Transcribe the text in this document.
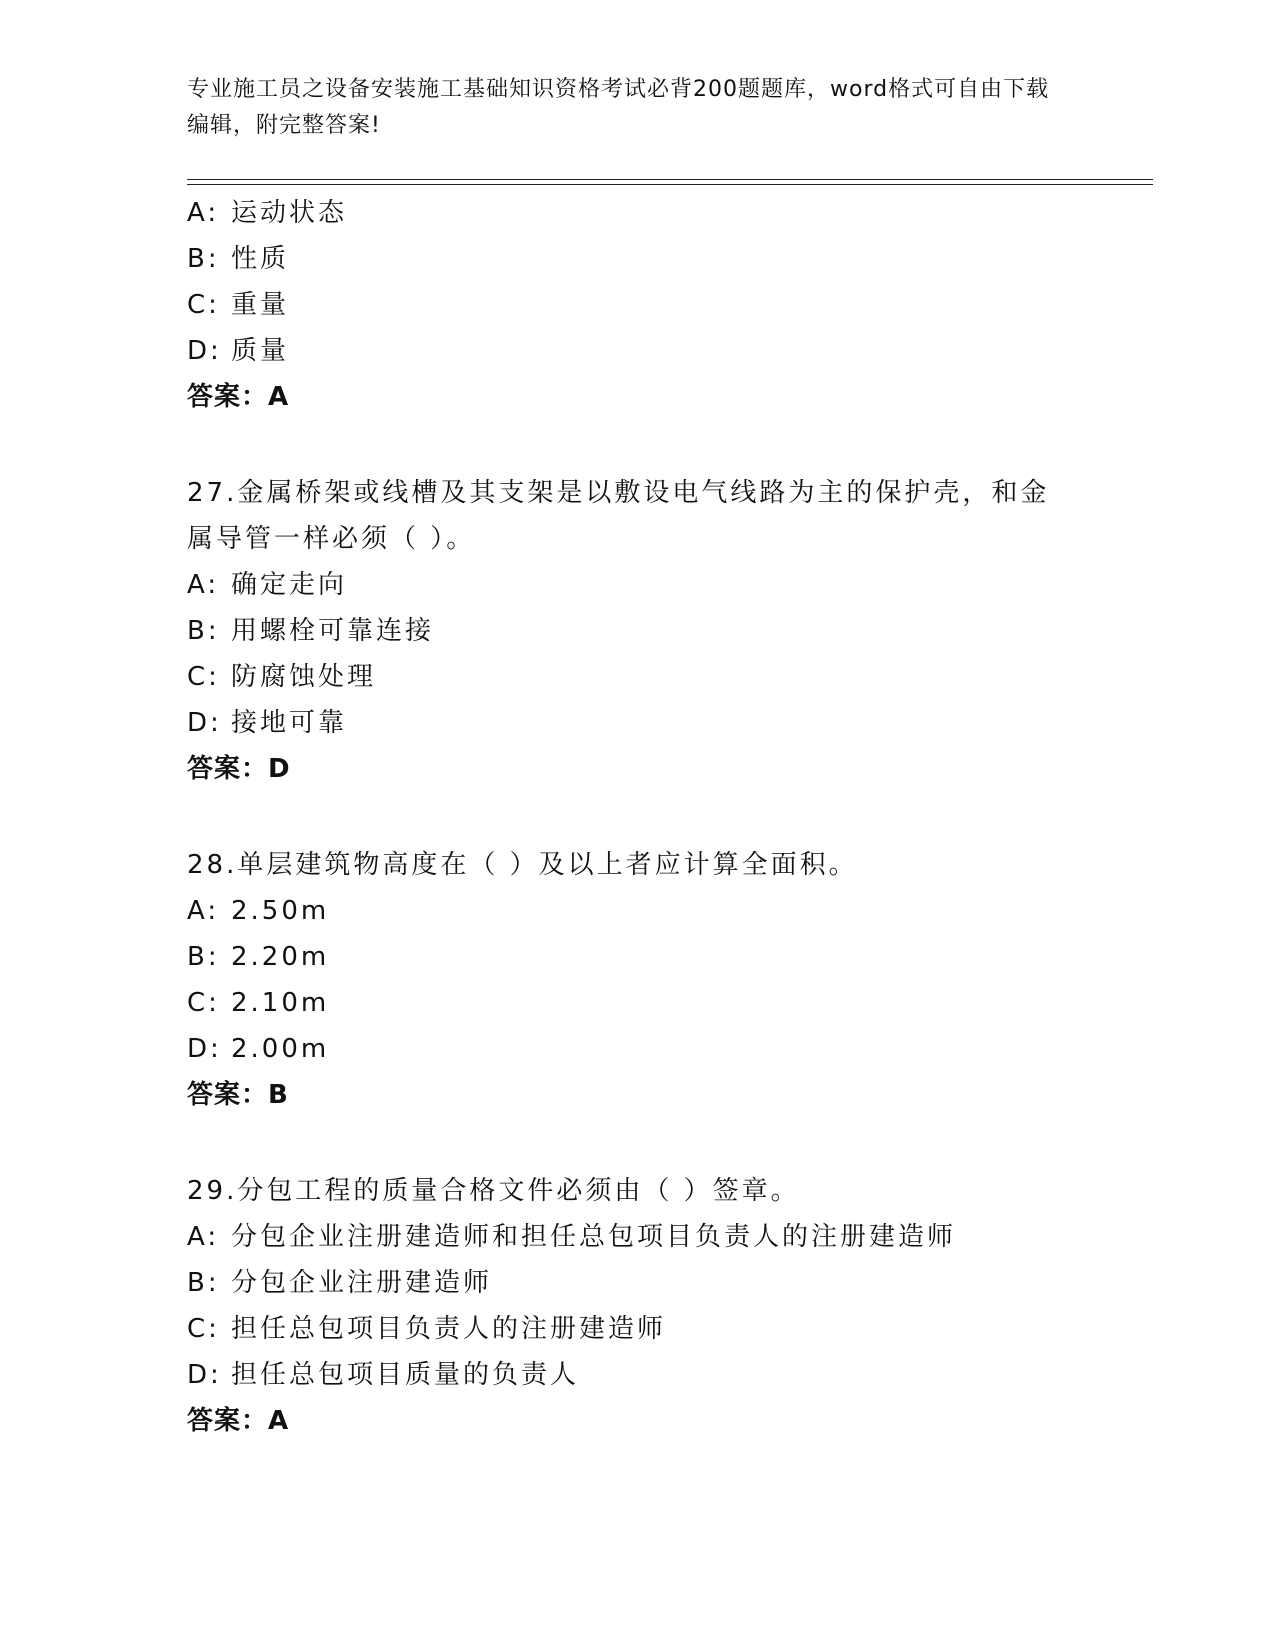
专业施工员之设备安装施工基础知识资格考试必背200题题库，word格式可自由下载编辑，附完整答案!
A: 运动状态
B: 性质
C: 重量
D: 质量
答案：A
27.金属桥架或线槽及其支架是以敷设电气线路为主的保护壳，和金属导管一样必须（ ）。
A: 确定走向
B: 用螺栓可靠连接
C: 防腐蚀处理
D: 接地可靠
答案：D
28.单层建筑物高度在（ ）及以上者应计算全面积。
A: 2.50m
B: 2.20m
C: 2.10m
D: 2.00m
答案：B
29.分包工程的质量合格文件必须由（ ）签章。
A: 分包企业注册建造师和担任总包项目负责人的注册建造师
B: 分包企业注册建造师
C: 担任总包项目负责人的注册建造师
D: 担任总包项目质量的负责人
答案：A
